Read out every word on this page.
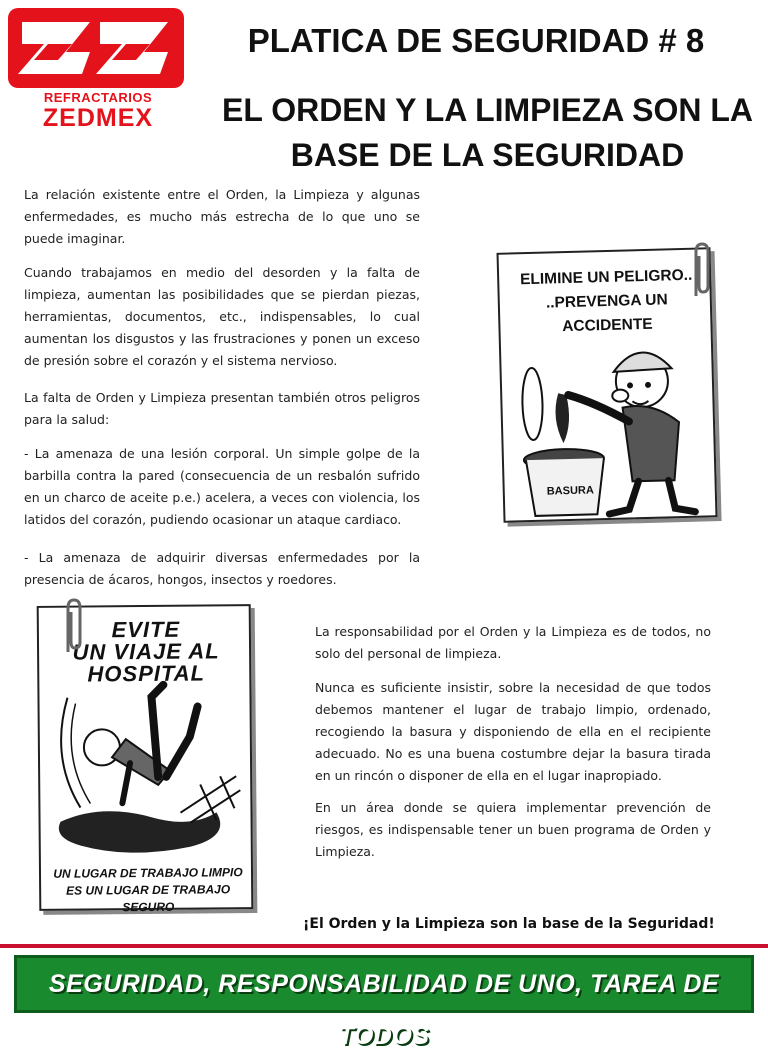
REFRACTARIOS
ZEDMEX
PLATICA DE SEGURIDAD # 8
EL ORDEN Y LA LIMPIEZA SON LA BASE DE LA SEGURIDAD

La relación existente entre el Orden, la Limpieza y algunas enfermedades, es mucho más estrecha de lo que uno se puede imaginar.

Cuando trabajamos en medio del desorden y la falta de limpieza, aumentan las posibilidades que se pierdan piezas, herramientas, documentos, etc., indispensables, lo cual aumentan los disgustos y las frustraciones y ponen un exceso de presión sobre el corazón y el sistema nervioso.

La falta de Orden y Limpieza presentan también otros peligros para la salud:

- La amenaza de una lesión corporal. Un simple golpe de la barbilla contra la pared (consecuencia de un resbalón sufrido en un charco de aceite p.e.) acelera, a veces con violencia, los latidos del corazón, pudiendo ocasionar un ataque cardiaco.

- La amenaza de adquirir diversas enfermedades por la presencia de ácaros, hongos, insectos y roedores.

ELIMINE UN PELIGRO..
..PREVENGA UN
ACCIDENTE
BASURA
EVITE
UN VIAJE AL
HOSPITAL
UN LUGAR DE TRABAJO LIMPIO
ES UN LUGAR DE TRABAJO SEGURO

La responsabilidad por el Orden y la Limpieza es de todos, no solo del personal de limpieza.

Nunca es suficiente insistir, sobre la necesidad de que todos debemos mantener el lugar de trabajo limpio, ordenado, recogiendo la basura y disponiendo de ella en el recipiente adecuado. No es una buena costumbre dejar la basura tirada en un rincón o disponer de ella en el lugar inapropiado.

En un área donde se quiera implementar prevención de riesgos, es indispensable tener un buen programa de Orden y Limpieza.

¡El Orden y la Limpieza son la base de la Seguridad!
SEGURIDAD, RESPONSABILIDAD DE UNO, TAREA DE TODOS
